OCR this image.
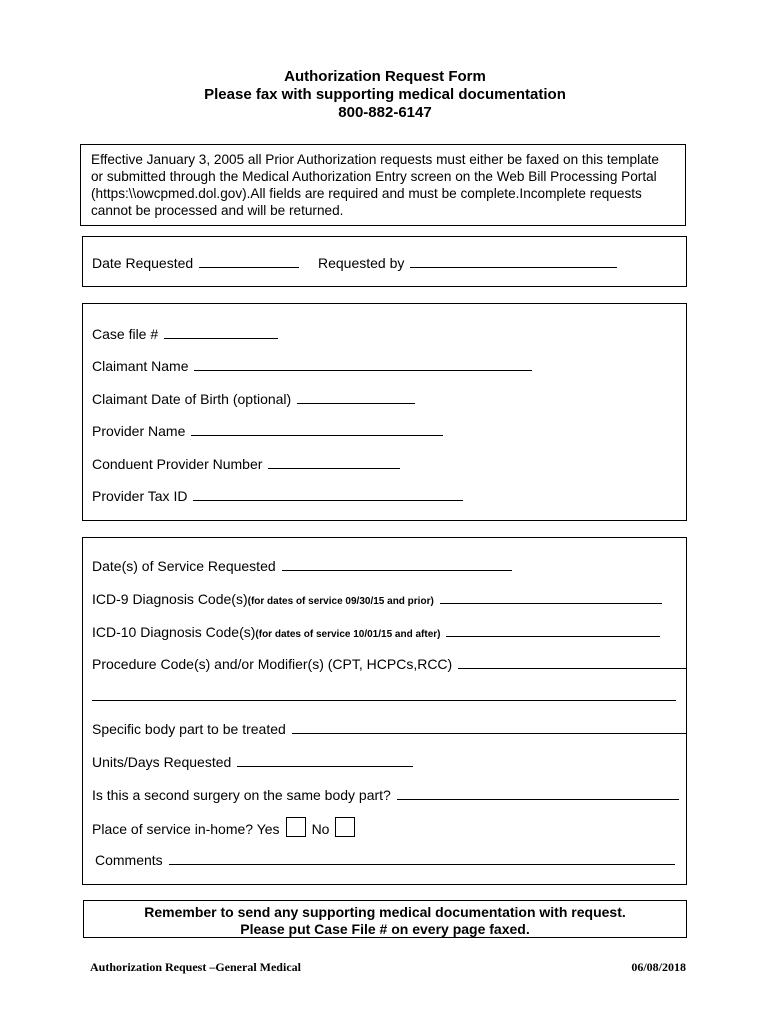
Authorization Request Form
Please fax with supporting medical documentation
800-882-6147
Effective January 3, 2005 all Prior Authorization requests must either be faxed on this template
or submitted through the Medical Authorization Entry screen on the Web Bill Processing Portal
(https:\\owcpmed.dol.gov).All fields are required and must be complete.Incomplete requests
cannot be processed and will be returned.
Date Requested	Requested by
Case file #
Claimant Name
Claimant Date of Birth (optional)
Provider Name
Conduent Provider Number
Provider Tax ID
Date(s) of Service Requested
ICD-9 Diagnosis Code(s)(for dates of service 09/30/15 and prior)
ICD-10 Diagnosis Code(s)(for dates of service 10/01/15 and after)
Procedure Code(s) and/or Modifier(s) (CPT, HCPCs,RCC)
Specific body part to be treated
Units/Days Requested
Is this a second surgery on the same body part?
Place of service in-home? Yes No
Comments
Remember to send any supporting medical documentation with request.
Please put Case File # on every page faxed.
Authorization Request –General Medical	06/08/2018
